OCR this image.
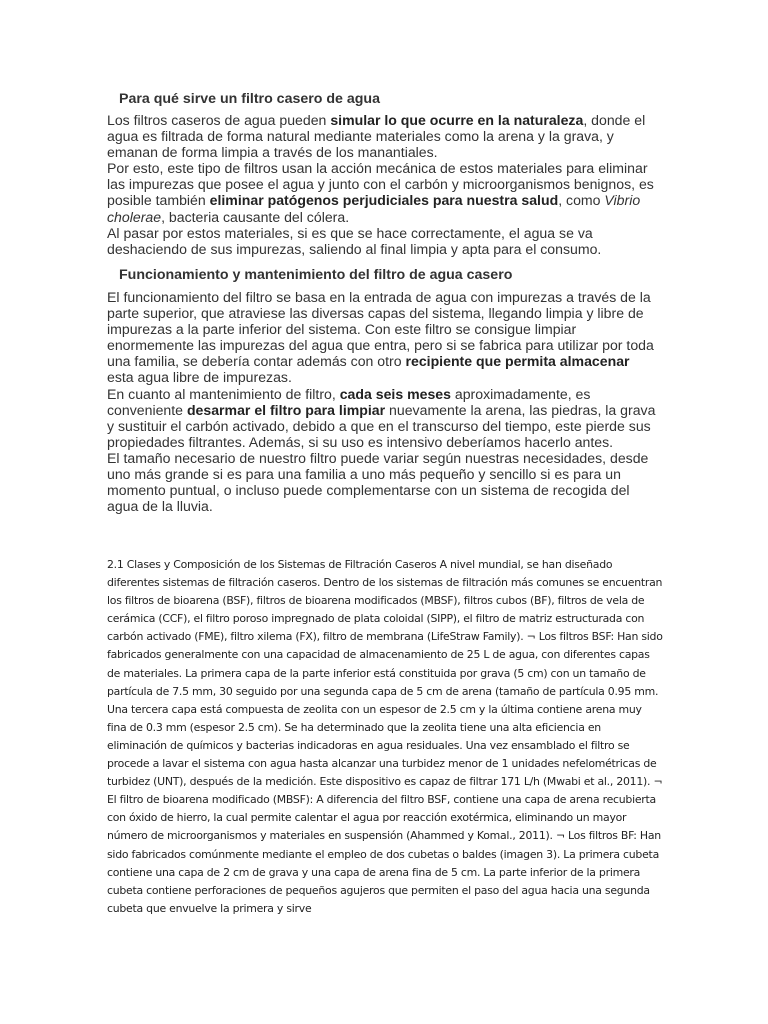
Para qué sirve un filtro casero de agua

Los filtros caseros de agua pueden simular lo que ocurre en la naturaleza, donde el agua es filtrada de forma natural mediante materiales como la arena y la grava, y emanan de forma limpia a través de los manantiales.
Por esto, este tipo de filtros usan la acción mecánica de estos materiales para eliminar las impurezas que posee el agua y junto con el carbón y microorganismos benignos, es posible también eliminar patógenos perjudiciales para nuestra salud, como Vibrio cholerae, bacteria causante del cólera.
Al pasar por estos materiales, si es que se hace correctamente, el agua se va deshaciendo de sus impurezas, saliendo al final limpia y apta para el consumo.

Funcionamiento y mantenimiento del filtro de agua casero

El funcionamiento del filtro se basa en la entrada de agua con impurezas a través de la parte superior, que atraviese las diversas capas del sistema, llegando limpia y libre de impurezas a la parte inferior del sistema. Con este filtro se consigue limpiar enormemente las impurezas del agua que entra, pero si se fabrica para utilizar por toda una familia, se debería contar además con otro recipiente que permita almacenar esta agua libre de impurezas.
En cuanto al mantenimiento de filtro, cada seis meses aproximadamente, es conveniente desarmar el filtro para limpiar nuevamente la arena, las piedras, la grava y sustituir el carbón activado, debido a que en el transcurso del tiempo, este pierde sus propiedades filtrantes. Además, si su uso es intensivo deberíamos hacerlo antes.
El tamaño necesario de nuestro filtro puede variar según nuestras necesidades, desde uno más grande si es para una familia a uno más pequeño y sencillo si es para un momento puntual, o incluso puede complementarse con un sistema de recogida del agua de la lluvia.

2.1 Clases y Composición de los Sistemas de Filtración Caseros A nivel mundial, se han diseñado diferentes sistemas de filtración caseros. Dentro de los sistemas de filtración más comunes se encuentran los filtros de bioarena (BSF), filtros de bioarena modificados (MBSF), filtros cubos (BF), filtros de vela de cerámica (CCF), el filtro poroso impregnado de plata coloidal (SIPP), el filtro de matriz estructurada con carbón activado (FME), filtro xilema (FX), filtro de membrana (LifeStraw Family). ¬ Los filtros BSF: Han sido fabricados generalmente con una capacidad de almacenamiento de 25 L de agua, con diferentes capas de materiales. La primera capa de la parte inferior está constituida por grava (5 cm) con un tamaño de partícula de 7.5 mm, 30 seguido por una segunda capa de 5 cm de arena (tamaño de partícula 0.95 mm. Una tercera capa está compuesta de zeolita con un espesor de 2.5 cm y la última contiene arena muy fina de 0.3 mm (espesor 2.5 cm). Se ha determinado que la zeolita tiene una alta eficiencia en eliminación de químicos y bacterias indicadoras en agua residuales. Una vez ensamblado el filtro se procede a lavar el sistema con agua hasta alcanzar una turbidez menor de 1 unidades nefelométricas de turbidez (UNT), después de la medición. Este dispositivo es capaz de filtrar 171 L/h (Mwabi et al., 2011). ¬ El filtro de bioarena modificado (MBSF): A diferencia del filtro BSF, contiene una capa de arena recubierta con óxido de hierro, la cual permite calentar el agua por reacción exotérmica, eliminando un mayor número de microorganismos y materiales en suspensión (Ahammed y Komal., 2011). ¬ Los filtros BF: Han sido fabricados comúnmente mediante el empleo de dos cubetas o baldes (imagen 3). La primera cubeta contiene una capa de 2 cm de grava y una capa de arena fina de 5 cm. La parte inferior de la primera cubeta contiene perforaciones de pequeños agujeros que permiten el paso del agua hacia una segunda cubeta que envuelve la primera y sirve
